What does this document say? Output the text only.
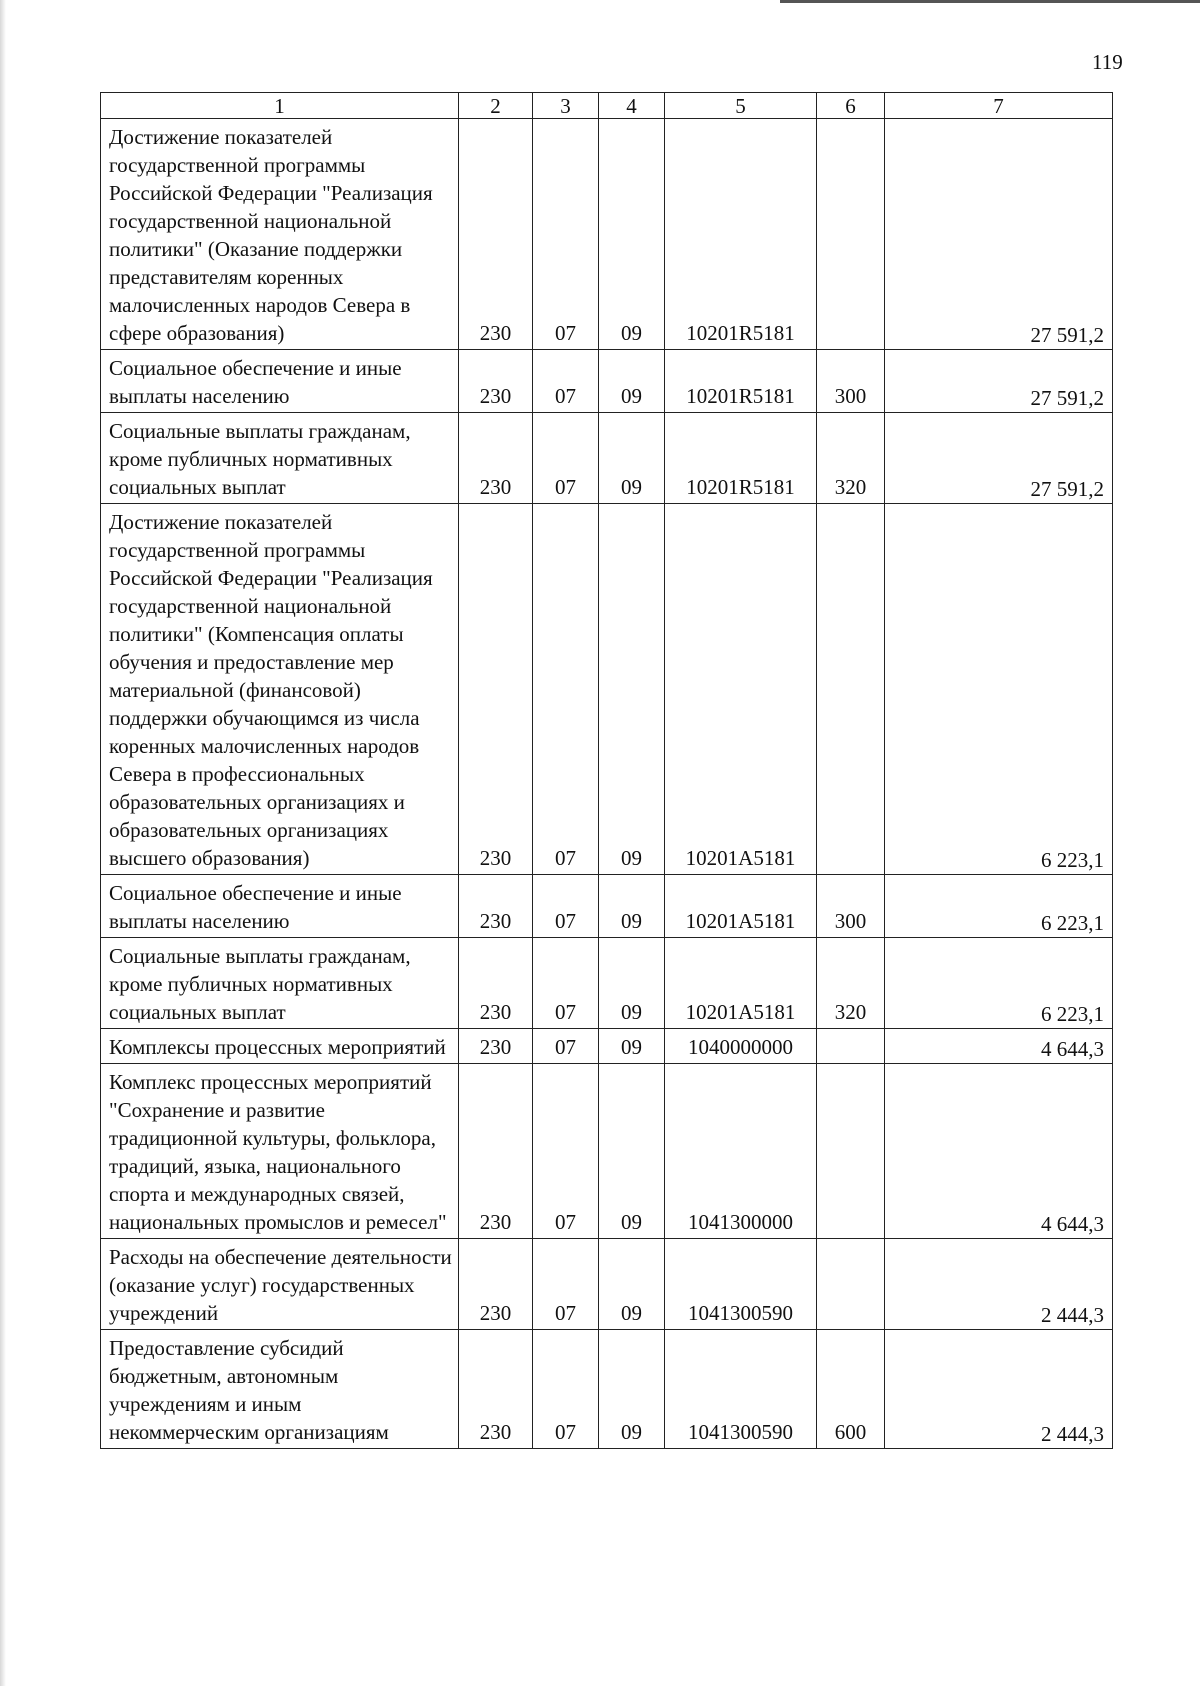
119
1	2	3	4	5	6	7
Достижение показателей государственной программы Российской Федерации "Реализация государственной национальной политики" (Оказание поддержки представителям коренных малочисленных народов Севера в сфере образования)	230	07	09	10201R5181		27 591,2
Социальное обеспечение и иные выплаты населению	230	07	09	10201R5181	300	27 591,2
Социальные выплаты гражданам, кроме публичных нормативных социальных выплат	230	07	09	10201R5181	320	27 591,2
Достижение показателей государственной программы Российской Федерации "Реализация государственной национальной политики" (Компенсация оплаты обучения и предоставление мер материальной (финансовой) поддержки обучающимся из числа коренных малочисленных народов Севера в профессиональных образовательных организациях и образовательных организациях высшего образования)	230	07	09	10201A5181		6 223,1
Социальное обеспечение и иные выплаты населению	230	07	09	10201A5181	300	6 223,1
Социальные выплаты гражданам, кроме публичных нормативных социальных выплат	230	07	09	10201A5181	320	6 223,1
Комплексы процессных мероприятий	230	07	09	1040000000		4 644,3
Комплекс процессных мероприятий "Сохранение и развитие традиционной культуры, фольклора, традиций, языка, национального спорта и международных связей, национальных промыслов и ремесел"	230	07	09	1041300000		4 644,3
Расходы на обеспечение деятельности (оказание услуг) государственных учреждений	230	07	09	1041300590		2 444,3
Предоставление субсидий бюджетным, автономным учреждениям и иным некоммерческим организациям	230	07	09	1041300590	600	2 444,3
